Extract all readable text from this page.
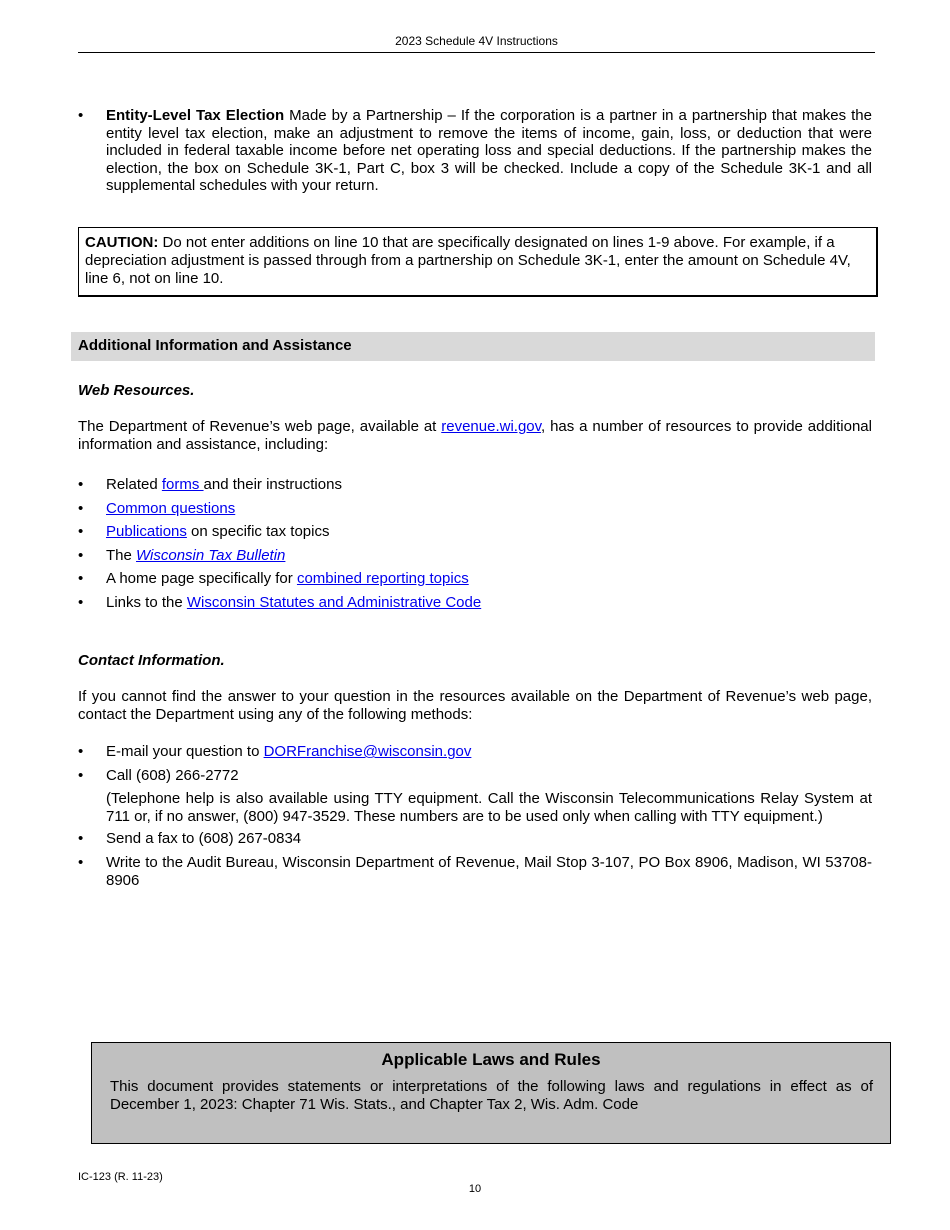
2023 Schedule 4V Instructions
•	Entity-Level Tax Election Made by a Partnership – If the corporation is a partner in a partnership that makes the entity level tax election, make an adjustment to remove the items of income, gain, loss, or deduction that were included in federal taxable income before net operating loss and special deductions. If the partnership makes the election, the box on Schedule 3K-1, Part C, box 3 will be checked. Include a copy of the Schedule 3K-1 and all supplemental schedules with your return.
CAUTION: Do not enter additions on line 10 that are specifically designated on lines 1-9 above. For example, if a depreciation adjustment is passed through from a partnership on Schedule 3K-1, enter the amount on Schedule 4V, line 6, not on line 10.
Additional Information and Assistance
Web Resources.
The Department of Revenue’s web page, available at revenue.wi.gov, has a number of resources to provide additional information and assistance, including:
•	Related forms and their instructions
•	Common questions
•	Publications on specific tax topics
•	The Wisconsin Tax Bulletin
•	A home page specifically for combined reporting topics
•	Links to the Wisconsin Statutes and Administrative Code
Contact Information.
If you cannot find the answer to your question in the resources available on the Department of Revenue’s web page, contact the Department using any of the following methods:
•	E-mail your question to DORFranchise@wisconsin.gov
•	Call (608) 266-2772
(Telephone help is also available using TTY equipment. Call the Wisconsin Telecommunications Relay System at 711 or, if no answer, (800) 947-3529. These numbers are to be used only when calling with TTY equipment.)
•	Send a fax to (608) 267-0834
•	Write to the Audit Bureau, Wisconsin Department of Revenue, Mail Stop 3-107, PO Box 8906, Madison, WI 53708-8906
Applicable Laws and Rules
This document provides statements or interpretations of the following laws and regulations in effect as of December 1, 2023: Chapter 71 Wis. Stats., and Chapter Tax 2, Wis. Adm. Code
IC-123 (R. 11-23)
10
